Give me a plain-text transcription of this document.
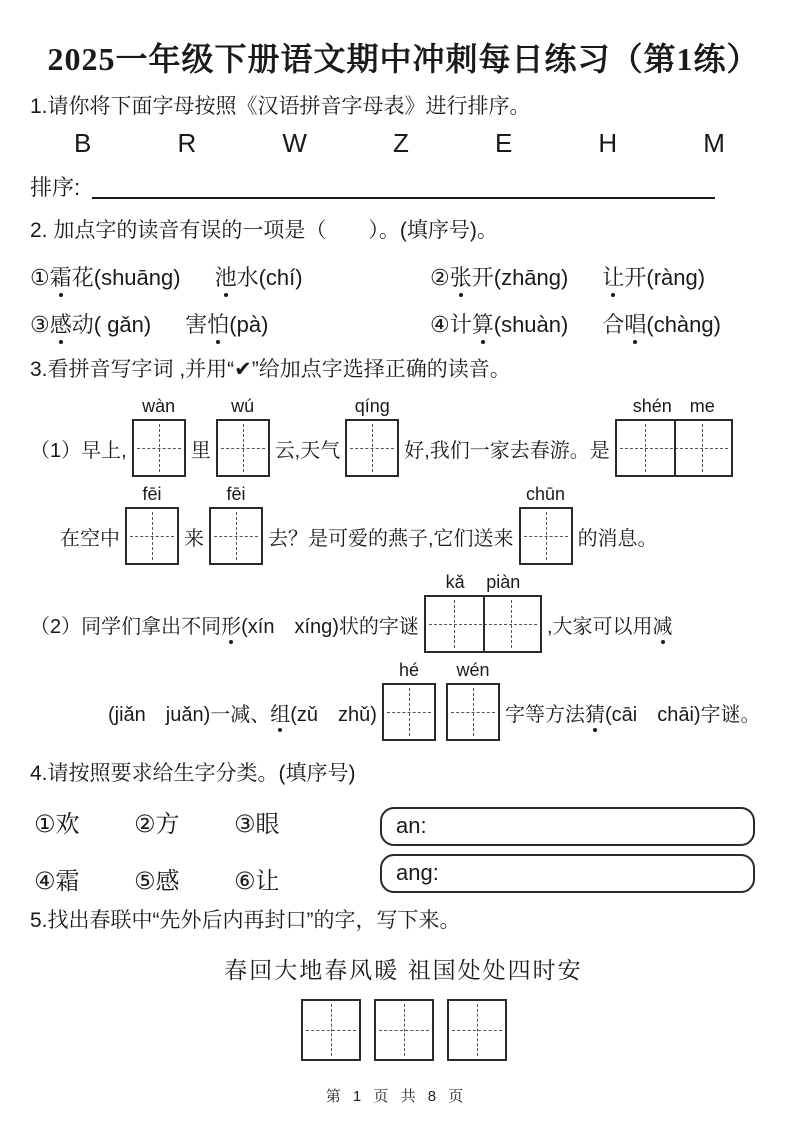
2025一年级下册语文期中冲刺每日练习（第1练）
1.请你将下面字母按照《汉语拼音字母表》进行排序。
B	R	W	Z	E	H	M
排序:
2. 加点字的读音有误的一项是（　　）。(填序号)。
①霜花(shuāng) 池水(chí)	②张开(zhāng) 让开(ràng)
③感动( gǎn) 害怕(pà)	④计算(shuàn) 合唱(chàng)
3.看拼音写字词 ,并用“✔”给加点字选择正确的读音。
（1）早上,
wàn
里
wú
云,天气
qíng
好,我们一家去春游。是
shén me
在空中
fēi
来
fēi
去？是可爱的燕子,它们送来
chūn
的消息。
（2）同学们拿出不同 形 (xín　xíng)状的字谜
kǎ piàn
,大家可以用 减
(jiǎn　juǎn)一减、 组 (zǔ　zhǔ)
hé	wén
字等方法 猜 (cāi　chāi)字谜。
4.请按照要求给生字分类。(填序号)
①欢	②方	③眼
④霜	⑤感	⑥让
an:
ang:
5.找出春联中“先外后内再封口”的字，写下来。
春回大地春风暖 祖国处处四时安
第 1 页 共 8 页
